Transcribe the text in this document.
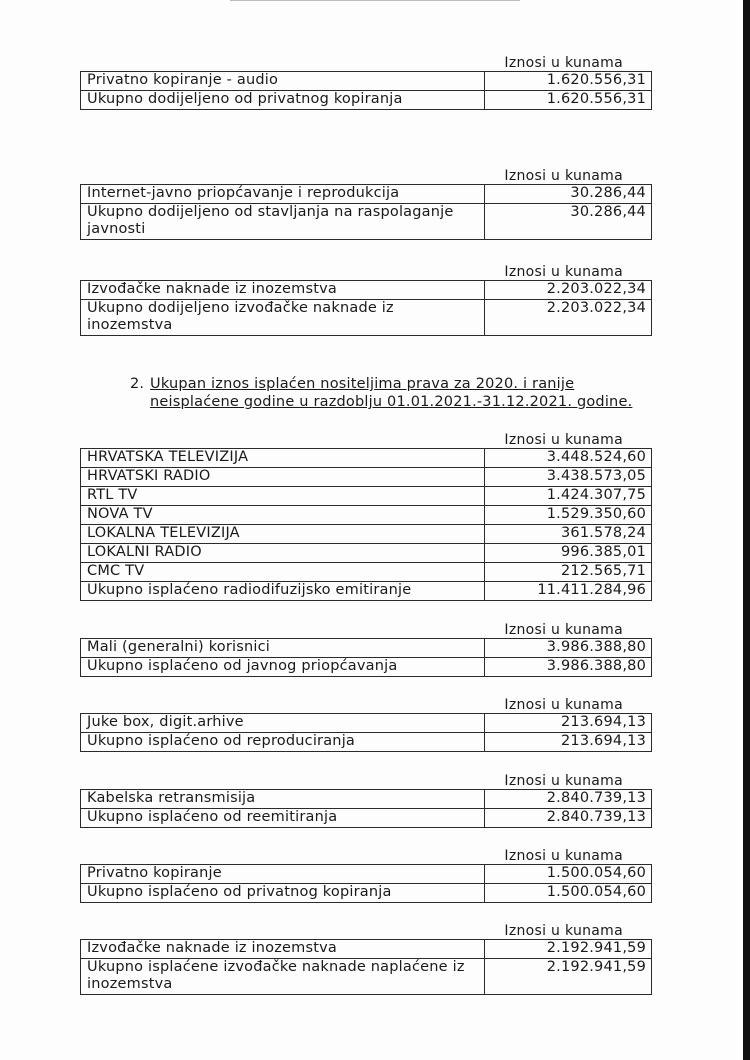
Iznosi u kunama
Privatno kopiranje - audio	1.620.556,31
Ukupno dodijeljeno od privatnog kopiranja	1.620.556,31
Iznosi u kunama
Internet-javno priopćavanje i reprodukcija	30.286,44
Ukupno dodijeljeno od stavljanja na raspolaganje javnosti	30.286,44
Iznosi u kunama
Izvođačke naknade iz inozemstva	2.203.022,34
Ukupno dodijeljeno izvođačke naknade iz inozemstva	2.203.022,34
2. Ukupan iznos isplaćen nositeljima prava za 2020. i ranije
neisplaćene godine u razdoblju 01.01.2021.-31.12.2021. godine.
Iznosi u kunama
HRVATSKA TELEVIZIJA	3.448.524,60
HRVATSKI RADIO	3.438.573,05
RTL TV	1.424.307,75
NOVA TV	1.529.350,60
LOKALNA TELEVIZIJA	361.578,24
LOKALNI RADIO	996.385,01
CMC TV	212.565,71
Ukupno isplaćeno radiodifuzijsko emitiranje	11.411.284,96
Iznosi u kunama
Mali (generalni) korisnici	3.986.388,80
Ukupno isplaćeno od javnog priopćavanja	3.986.388,80
Iznosi u kunama
Juke box, digit.arhive	213.694,13
Ukupno isplaćeno od reproduciranja	213.694,13
Iznosi u kunama
Kabelska retransmisija	2.840.739,13
Ukupno isplaćeno od reemitiranja	2.840.739,13
Iznosi u kunama
Privatno kopiranje	1.500.054,60
Ukupno isplaćeno od privatnog kopiranja	1.500.054,60
Iznosi u kunama
Izvođačke naknade iz inozemstva	2.192.941,59
Ukupno isplaćene izvođačke naknade naplaćene iz inozemstva	2.192.941,59
